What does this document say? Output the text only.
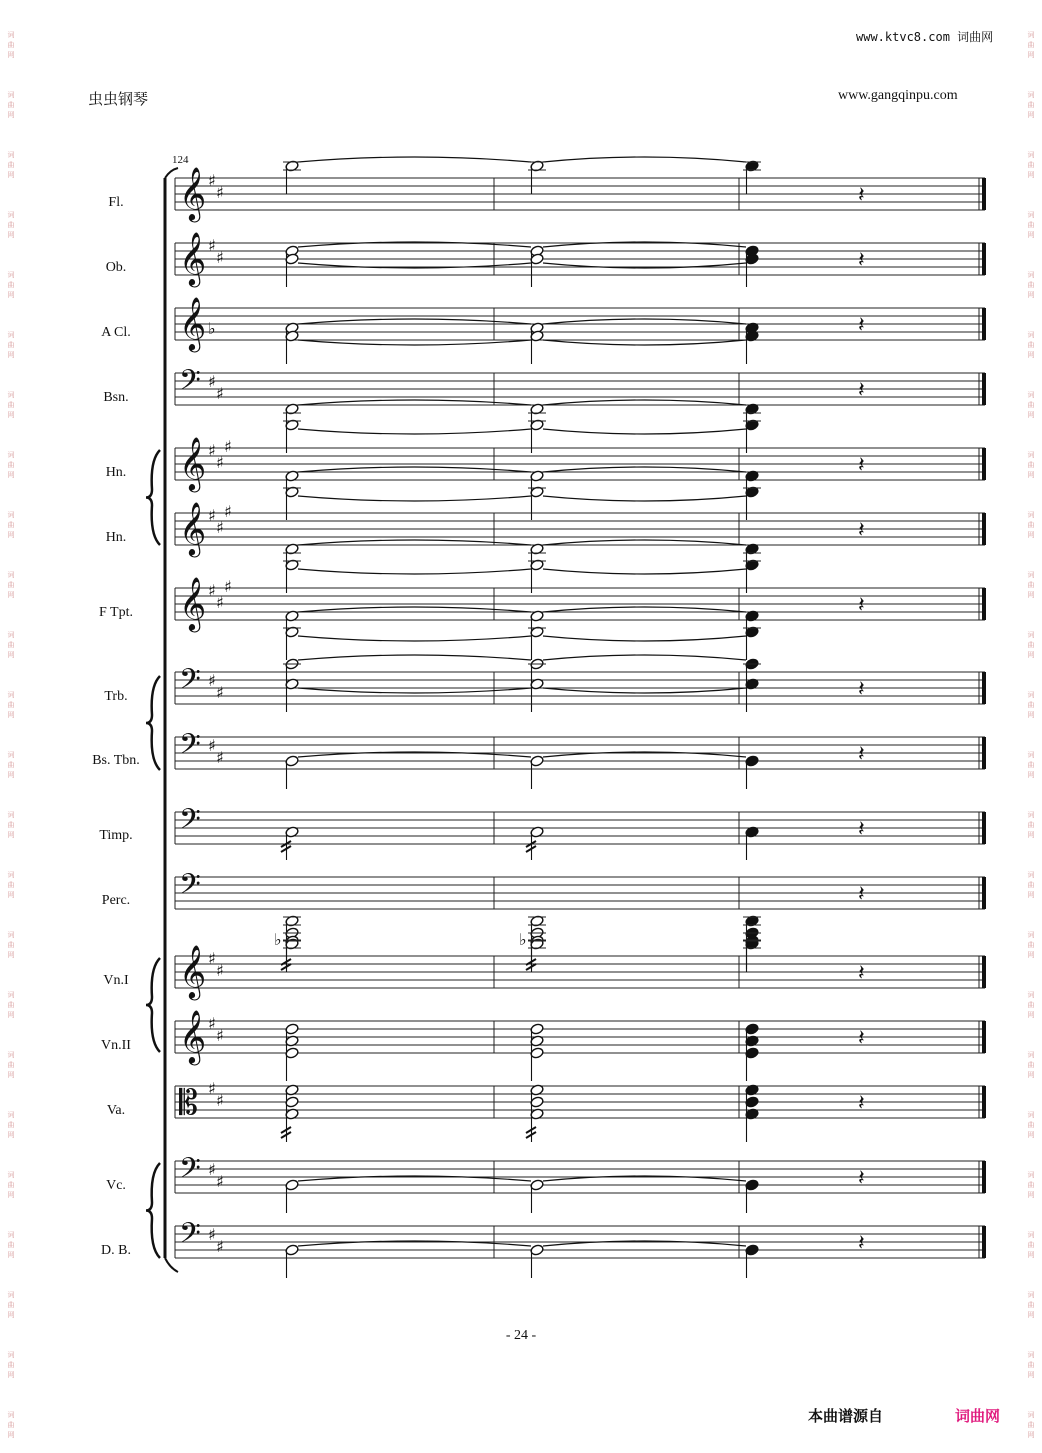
词
曲
网
词
曲
网
词
曲
网
词
曲
网
词
曲
网
词
曲
网
词
曲
网
词
曲
网
词
曲
网
词
曲
网
词
曲
网
词
曲
网
词
曲
网
词
曲
网
词
曲
网
词
曲
网
词
曲
网
词
曲
网
词
曲
网
词
曲
网
词
曲
网
词
曲
网
词
曲
网
词
曲
网
词
曲
网
词
曲
网
词
曲
网
词
曲
网
词
曲
网
词
曲
网
词
曲
网
词
曲
网
词
曲
网
词
曲
网
词
曲
网
词
曲
网
词
曲
网
词
曲
网
词
曲
网
词
曲
网
词
曲
网
词
曲
网
词
曲
网
词
曲
网
词
曲
网
词
曲
网
词
曲
网
词
曲
网
www.ktvc8.com 词曲网
虫虫钢琴	www.gangqinpu.com
124
Fl.
Ob.
A Cl.
Bsn.
Hn.
Hn.
F Tpt.
Trb.
Bs. Tbn.
Timp.
Perc.
Vn.I
Vn.II
Va.
Vc.
D. B.
𝄞 ♯
♯	𝄽
𝄞 ♯
♯	𝄽
𝄞 ♭	𝄽
𝄢 ♯
♯	𝄽
𝄞 ♯
♯
♯
𝄽
𝄞 ♯
♯
♯
𝄽
𝄞 ♯
♯
♯
𝄽
𝄢 ♯
♯	𝄽
𝄢 ♯
♯	𝄽
𝄢	𝄽
𝄢	𝄽
𝄞 ♯
♯	𝄽
𝄞 ♯
♯	𝄽
𝄡 ♯
♯	𝄽
𝄢 ♯
♯	𝄽
𝄢 ♯
♯	𝄽
♭	♭
- 24 -
本曲谱源自	词曲网
